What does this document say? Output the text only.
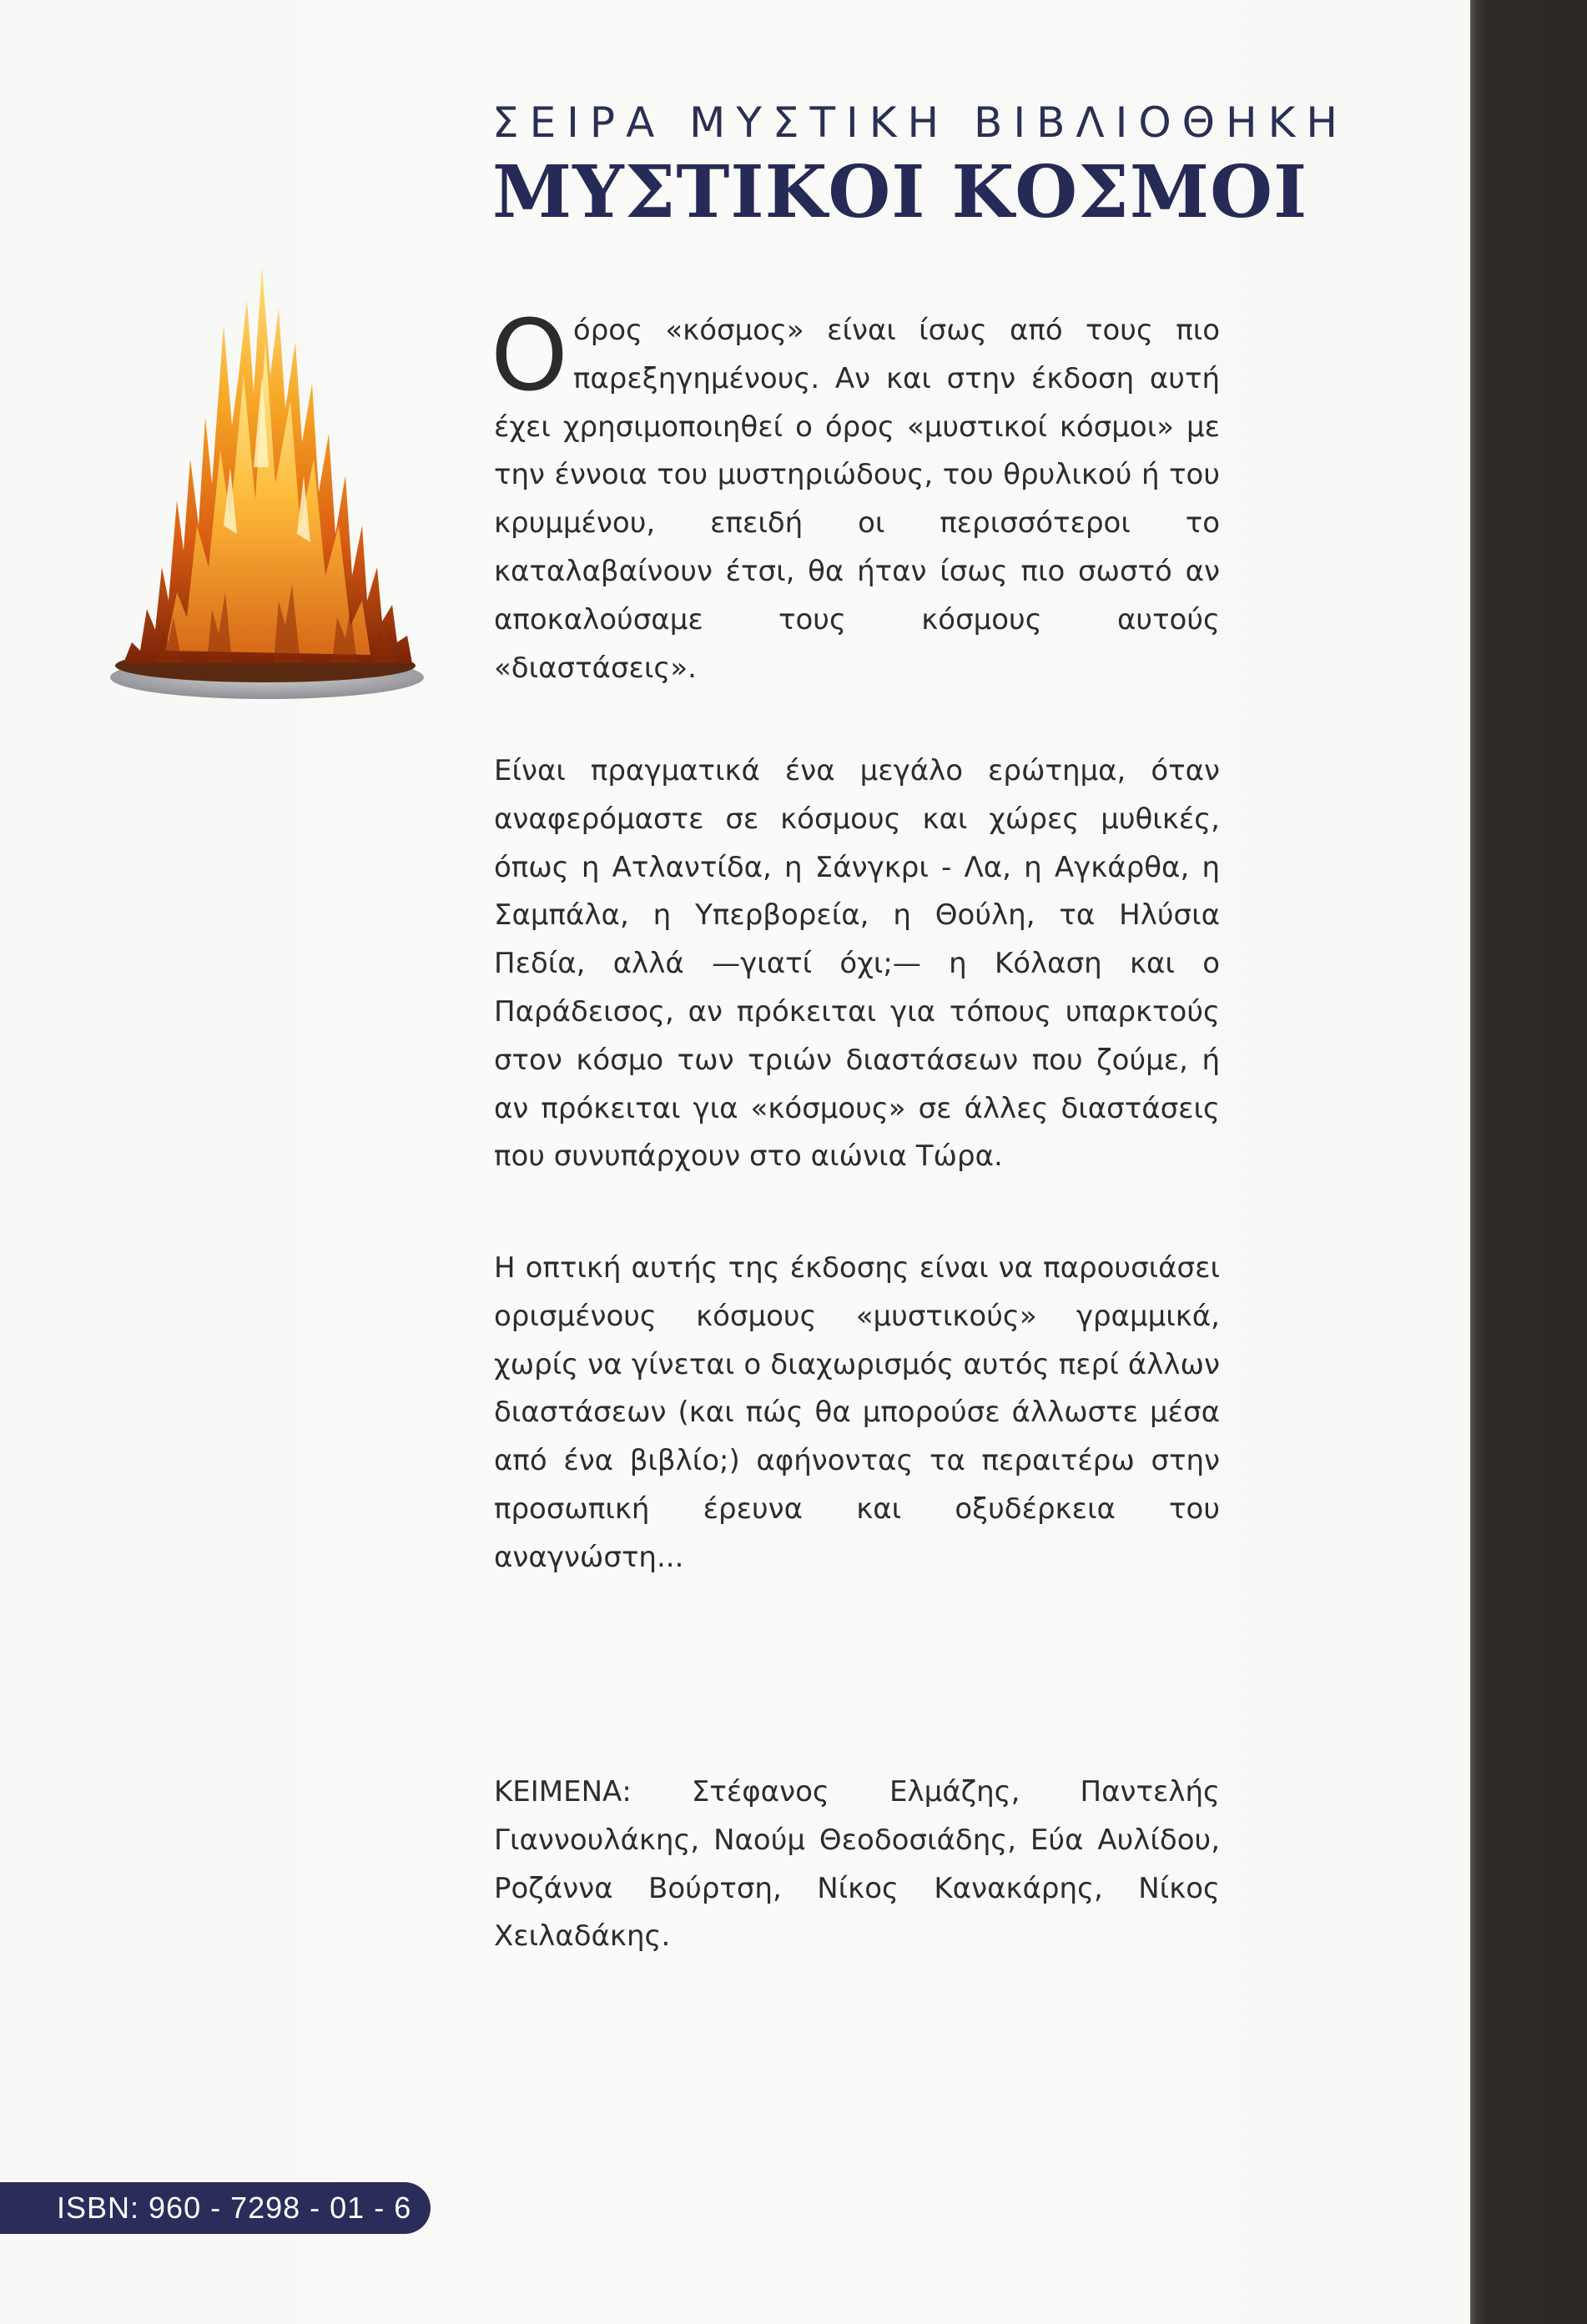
ΣΕΙΡΑ ΜΥΣΤΙΚΗ ΒΙΒΛΙΟΘΗΚΗ
ΜΥΣΤΙΚΟΙ ΚΟΣΜΟΙ
Ο όρος «κόσμος» είναι ίσως από τους πιο παρεξηγημένους. Αν και στην έκδοση αυτή έχει χρησιμοποιηθεί ο όρος «μυστικοί κόσμοι» με την έννοια του μυστηριώδους, του θρυλικού ή του κρυμμένου, επειδή οι περισσότεροι το καταλαβαίνουν έτσι, θα ήταν ίσως πιο σωστό αν αποκαλούσαμε τους κόσμους αυτούς «διαστάσεις».

Είναι πραγματικά ένα μεγάλο ερώτημα, όταν αναφερόμαστε σε κόσμους και χώρες μυθικές, όπως η Ατλαντίδα, η Σάνγκρι - Λα, η Αγκάρθα, η Σαμπάλα, η Υπερβορεία, η Θούλη, τα Ηλύσια Πεδία, αλλά —γιατί όχι;— η Κόλαση και ο Παράδεισος, αν πρόκειται για τόπους υπαρκτούς στον κόσμο των τριών διαστάσεων που ζούμε, ή αν πρόκειται για «κόσμους» σε άλλες διαστάσεις που συνυπάρχουν στο αιώνια Τώρα.

Η οπτική αυτής της έκδοσης είναι να παρουσιάσει ορισμένους κόσμους «μυστικούς» γραμμικά, χωρίς να γίνεται ο διαχωρισμός αυτός περί άλλων διαστάσεων (και πώς θα μπορούσε άλλωστε μέσα από ένα βιβλίο;) αφήνοντας τα περαιτέρω στην προσωπική έρευνα και οξυδέρκεια του αναγνώστη...

ΚΕΙΜΕΝΑ: Στέφανος Ελμάζης, Παντελής Γιαννουλάκης, Ναούμ Θεοδοσιάδης, Εύα Αυλίδου, Ροζάννα Βούρτση, Νίκος Κανακάρης, Νίκος Χειλαδάκης.

ISBN: 960 - 7298 - 01 - 6
